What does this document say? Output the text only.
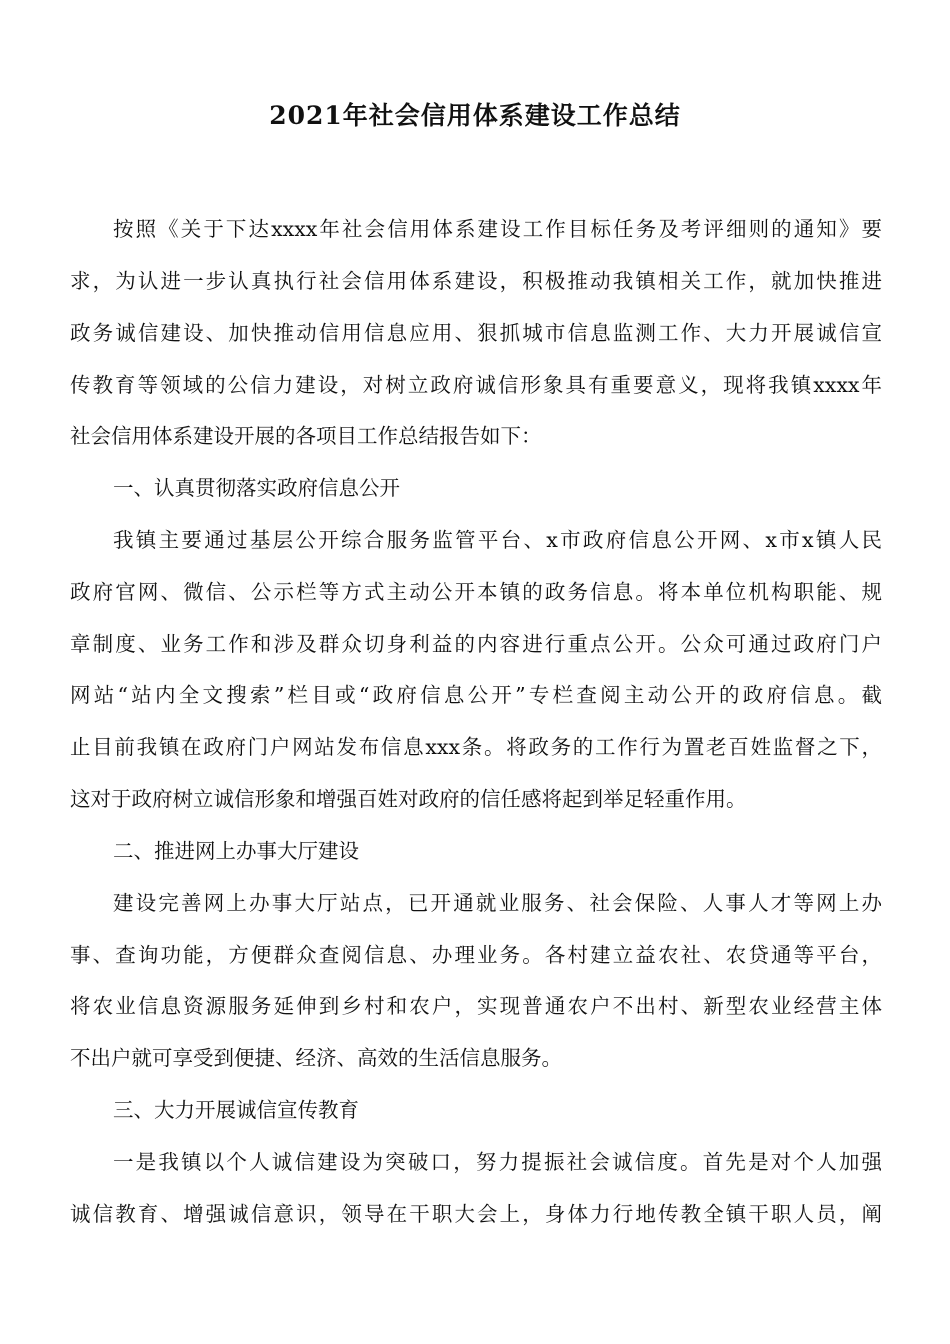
2021年社会信用体系建设工作总结
按照《关于下达xxxx年社会信用体系建设工作目标任务及考评细则的通知》要
求，为认进一步认真执行社会信用体系建设，积极推动我镇相关工作，就加快推进
政务诚信建设、加快推动信用信息应用、狠抓城市信息监测工作、大力开展诚信宣
传教育等领域的公信力建设，对树立政府诚信形象具有重要意义，现将我镇xxxx年
社会信用体系建设开展的各项目工作总结报告如下：
一、认真贯彻落实政府信息公开
我镇主要通过基层公开综合服务监管平台、x市政府信息公开网、x市x镇人民
政府官网、微信、公示栏等方式主动公开本镇的政务信息。将本单位机构职能、规
章制度、业务工作和涉及群众切身利益的内容进行重点公开。公众可通过政府门户
网站“站内全文搜索”栏目或“政府信息公开”专栏查阅主动公开的政府信息。截
止目前我镇在政府门户网站发布信息xxx条。将政务的工作行为置老百姓监督之下，
这对于政府树立诚信形象和增强百姓对政府的信任感将起到举足轻重作用。
二、推进网上办事大厅建设
建设完善网上办事大厅站点，已开通就业服务、社会保险、人事人才等网上办
事、查询功能，方便群众查阅信息、办理业务。各村建立益农社、农贷通等平台，
将农业信息资源服务延伸到乡村和农户，实现普通农户不出村、新型农业经营主体
不出户就可享受到便捷、经济、高效的生活信息服务。
三、大力开展诚信宣传教育
一是我镇以个人诚信建设为突破口，努力提振社会诚信度。首先是对个人加强
诚信教育、增强诚信意识，领导在干职大会上，身体力行地传教全镇干职人员，阐
